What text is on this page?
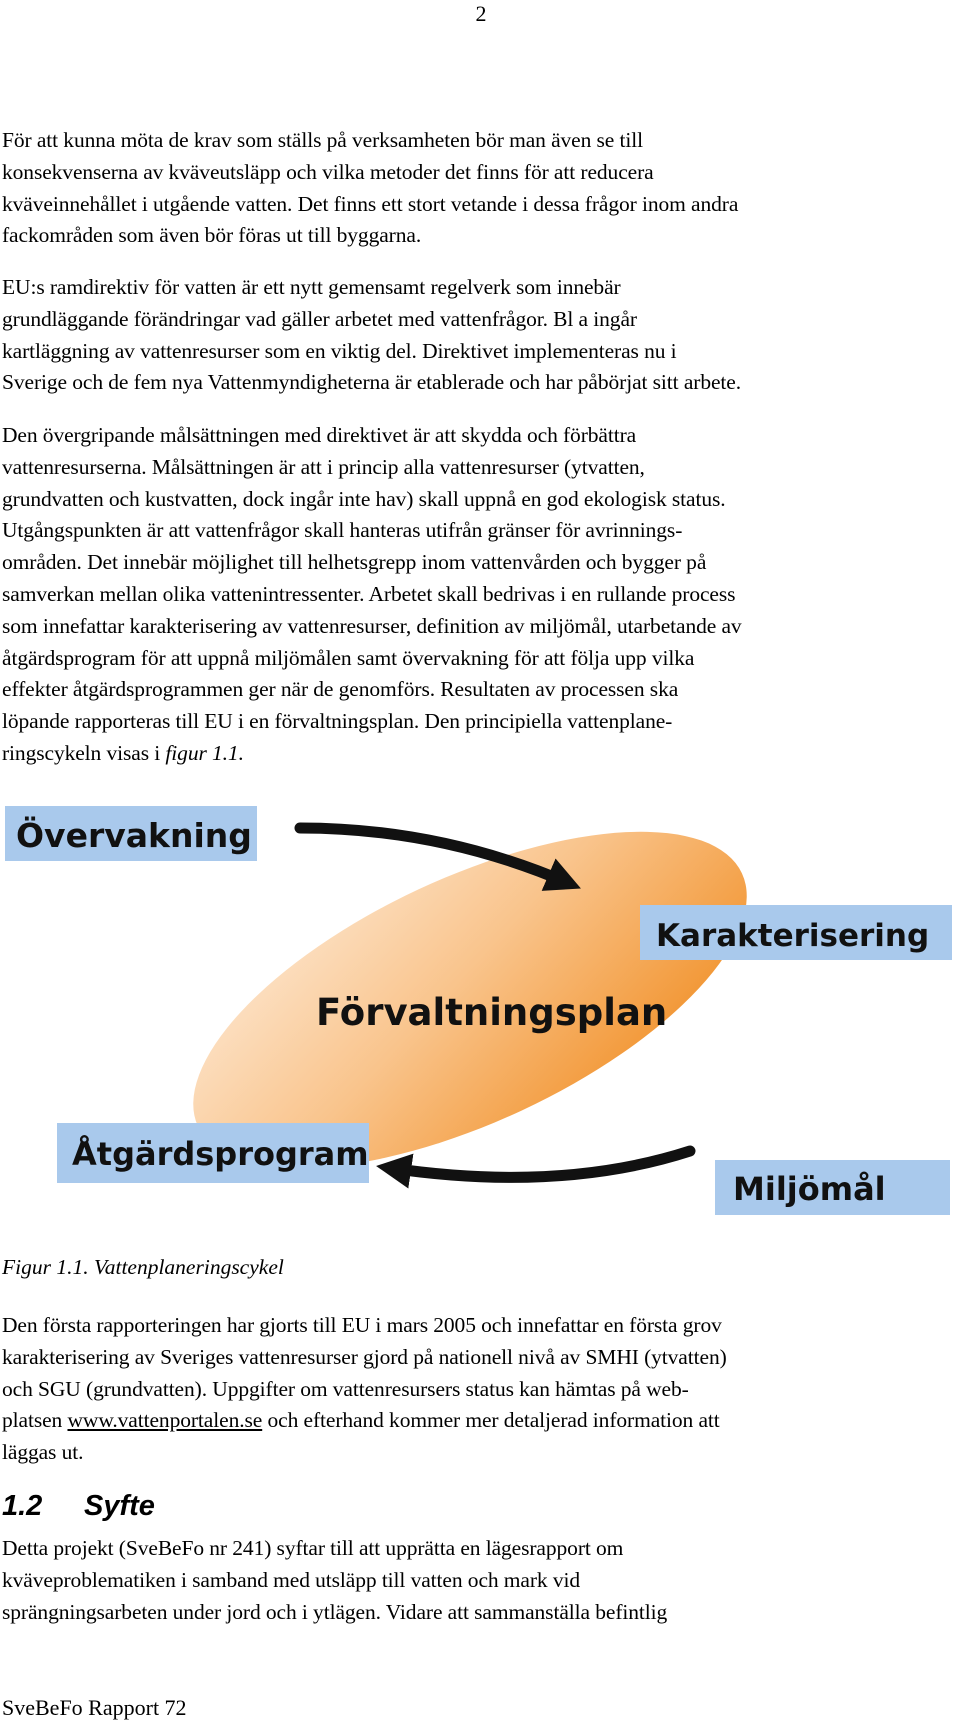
2

För att kunna möta de krav som ställs på verksamheten bör man även se till
konsekvenserna av kväveutsläpp och vilka metoder det finns för att reducera
kväveinnehållet i utgående vatten. Det finns ett stort vetande i dessa frågor inom andra
fackområden som även bör föras ut till byggarna.

EU:s ramdirektiv för vatten är ett nytt gemensamt regelverk som innebär
grundläggande förändringar vad gäller arbetet med vattenfrågor. Bl a ingår
kartläggning av vattenresurser som en viktig del. Direktivet implementeras nu i
Sverige och de fem nya Vattenmyndigheterna är etablerade och har påbörjat sitt arbete.

Den övergripande målsättningen med direktivet är att skydda och förbättra
vattenresurserna. Målsättningen är att i princip alla vattenresurser (ytvatten,
grundvatten och kustvatten, dock ingår inte hav) skall uppnå en god ekologisk status.
Utgångspunkten är att vattenfrågor skall hanteras utifrån gränser för avrinnings-
områden. Det innebär möjlighet till helhetsgrepp inom vattenvården och bygger på
samverkan mellan olika vattenintressenter. Arbetet skall bedrivas i en rullande process
som innefattar karakterisering av vattenresurser, definition av miljömål, utarbetande av
åtgärdsprogram för att uppnå miljömålen samt övervakning för att följa upp vilka
effekter åtgärdsprogrammen ger när de genomförs. Resultaten av processen ska
löpande rapporteras till EU i en förvaltningsplan. Den principiella vattenplane-
ringscykeln visas i figur 1.1.

Övervakning
Karakterisering
Åtgärdsprogram
Miljömål
Förvaltningsplan
Figur 1.1. Vattenplaneringscykel

Den första rapporteringen har gjorts till EU i mars 2005 och innefattar en första grov
karakterisering av Sveriges vattenresurser gjord på nationell nivå av SMHI (ytvatten)
och SGU (grundvatten). Uppgifter om vattenresursers status kan hämtas på web-
platsen www.vattenportalen.se och efterhand kommer mer detaljerad information att
läggas ut.

1.2 Syfte

Detta projekt (SveBeFo nr 241) syftar till att upprätta en lägesrapport om
kväveproblematiken i samband med utsläpp till vatten och mark vid
sprängningsarbeten under jord och i ytlägen. Vidare att sammanställa befintlig

SveBeFo Rapport 72
